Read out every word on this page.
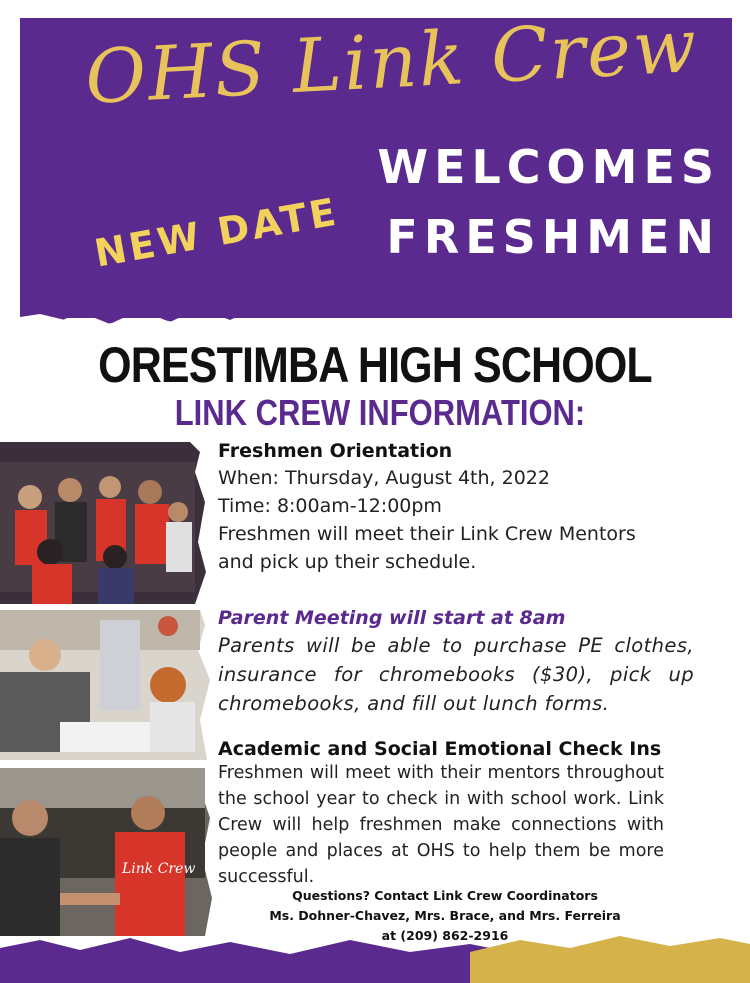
OHS Link Crew
WELCOMES
FRESHMEN
NEW DATE
ORESTIMBA HIGH SCHOOL
LINK CREW INFORMATION:
Link Crew
Freshmen Orientation
When: Thursday, August 4th, 2022
Time: 8:00am-12:00pm
Freshmen will meet their Link Crew Mentors
and pick up their schedule.
Parent Meeting will start at 8am
Parents will be able to purchase PE clothes, insurance for chromebooks ($30), pick up chromebooks, and fill out lunch forms.
Academic and Social Emotional Check Ins
Freshmen will meet with their mentors throughout the school year to check in with school work. Link Crew will help freshmen make connections with people and places at OHS to help them be more successful.
Questions? Contact Link Crew Coordinators
Ms. Dohner-Chavez, Mrs. Brace, and Mrs. Ferreira
at (209) 862-2916
